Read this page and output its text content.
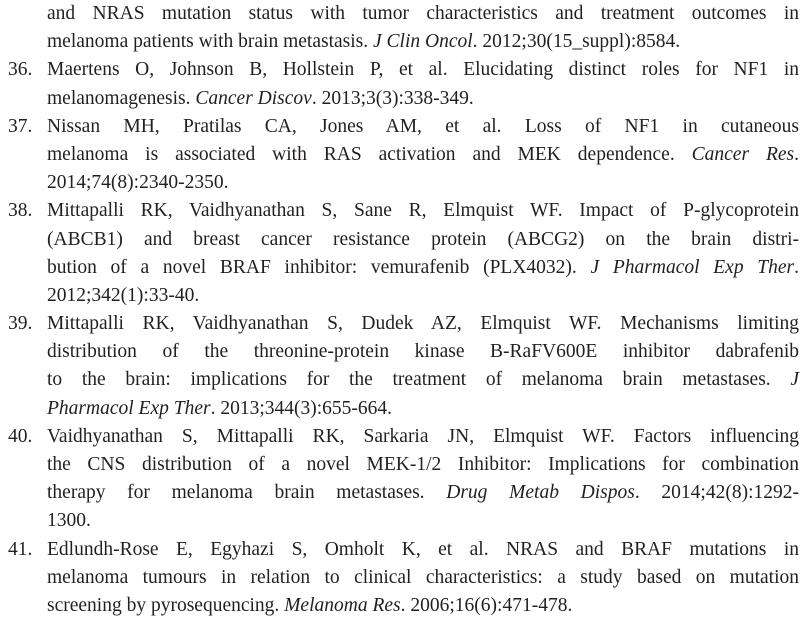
and NRAS mutation status with tumor characteristics and treatment outcomes in
melanoma patients with brain metastasis. J Clin Oncol. 2012;30(15_suppl):8584.
36. Maertens O, Johnson B, Hollstein P, et al. Elucidating distinct roles for NF1 in
melanomagenesis. Cancer Discov. 2013;3(3):338-349.
37. Nissan MH, Pratilas CA, Jones AM, et al. Loss of NF1 in cutaneous
melanoma is associated with RAS activation and MEK dependence. Cancer Res.
2014;74(8):2340-2350.
38. Mittapalli RK, Vaidhyanathan S, Sane R, Elmquist WF. Impact of P-glycoprotein
(ABCB1) and breast cancer resistance protein (ABCG2) on the brain distri-
bution of a novel BRAF inhibitor: vemurafenib (PLX4032). J Pharmacol Exp Ther.
2012;342(1):33-40.
39. Mittapalli RK, Vaidhyanathan S, Dudek AZ, Elmquist WF. Mechanisms limiting
distribution of the threonine-protein kinase B-RaFV600E inhibitor dabrafenib
to the brain: implications for the treatment of melanoma brain metastases. J
Pharmacol Exp Ther. 2013;344(3):655-664.
40. Vaidhyanathan S, Mittapalli RK, Sarkaria JN, Elmquist WF. Factors influencing
the CNS distribution of a novel MEK-1/2 Inhibitor: Implications for combination
therapy for melanoma brain metastases. Drug Metab Dispos. 2014;42(8):1292-
1300.
41. Edlundh-Rose E, Egyhazi S, Omholt K, et al. NRAS and BRAF mutations in
melanoma tumours in relation to clinical characteristics: a study based on mutation
screening by pyrosequencing. Melanoma Res. 2006;16(6):471-478.
